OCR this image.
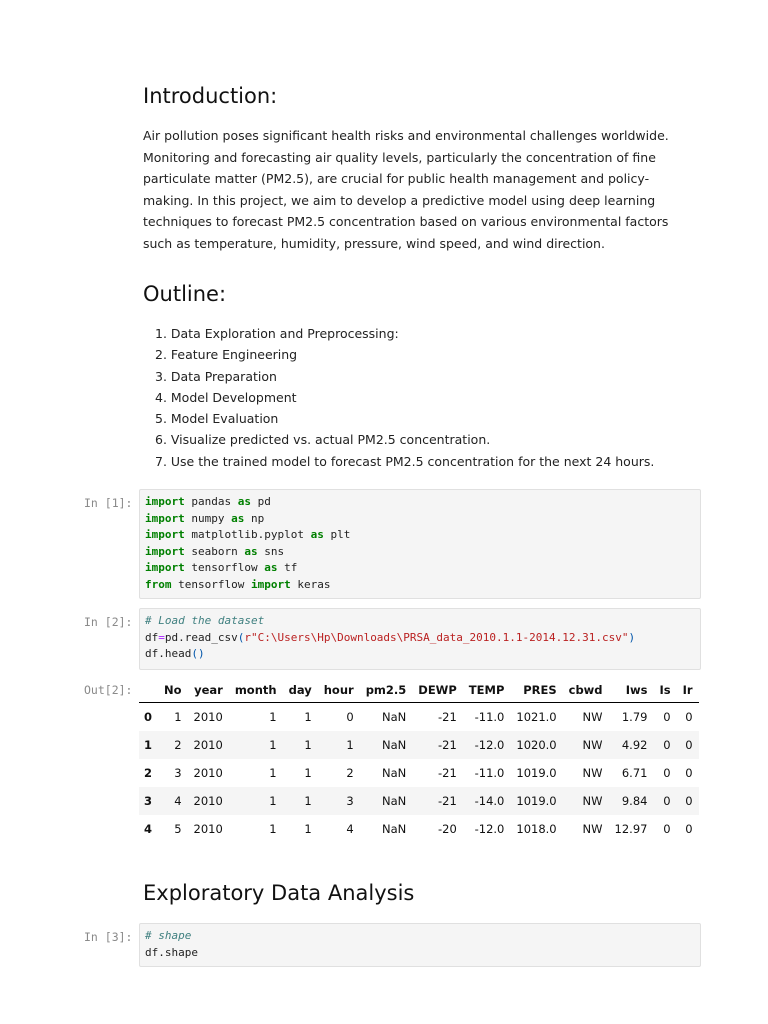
Introduction:
Air pollution poses significant health risks and environmental challenges worldwide. Monitoring and forecasting air quality levels, particularly the concentration of fine particulate matter (PM2.5), are crucial for public health management and policy-making. In this project, we aim to develop a predictive model using deep learning techniques to forecast PM2.5 concentration based on various environmental factors such as temperature, humidity, pressure, wind speed, and wind direction.
Outline:
1. Data Exploration and Preprocessing:
2. Feature Engineering
3. Data Preparation
4. Model Development
5. Model Evaluation
6. Visualize predicted vs. actual PM2.5 concentration.
7. Use the trained model to forecast PM2.5 concentration for the next 24 hours.
In [1]:	import pandas as pd
import numpy as np
import matplotlib.pyplot as plt
import seaborn as sns
import tensorflow as tf
from tensorflow import keras
In [2]:	# Load the dataset
df=pd.read_csv(r"C:\Users\Hp\Downloads\PRSA_data_2010.1.1-2014.12.31.csv")
df.head()
Out[2]:
		No	year	month	day	hour	pm2.5	DEWP	TEMP	PRES	cbwd	Iws	Is	Ir
0	1	2010	1	1	0	NaN	-21	-11.0	1021.0	NW	1.79	0	0
1	2	2010	1	1	1	NaN	-21	-12.0	1020.0	NW	4.92	0	0
2	3	2010	1	1	2	NaN	-21	-11.0	1019.0	NW	6.71	0	0
3	4	2010	1	1	3	NaN	-21	-14.0	1019.0	NW	9.84	0	0
4	5	2010	1	1	4	NaN	-20	-12.0	1018.0	NW	12.97	0	0
Exploratory Data Analysis
In [3]:	# shape
df.shape
